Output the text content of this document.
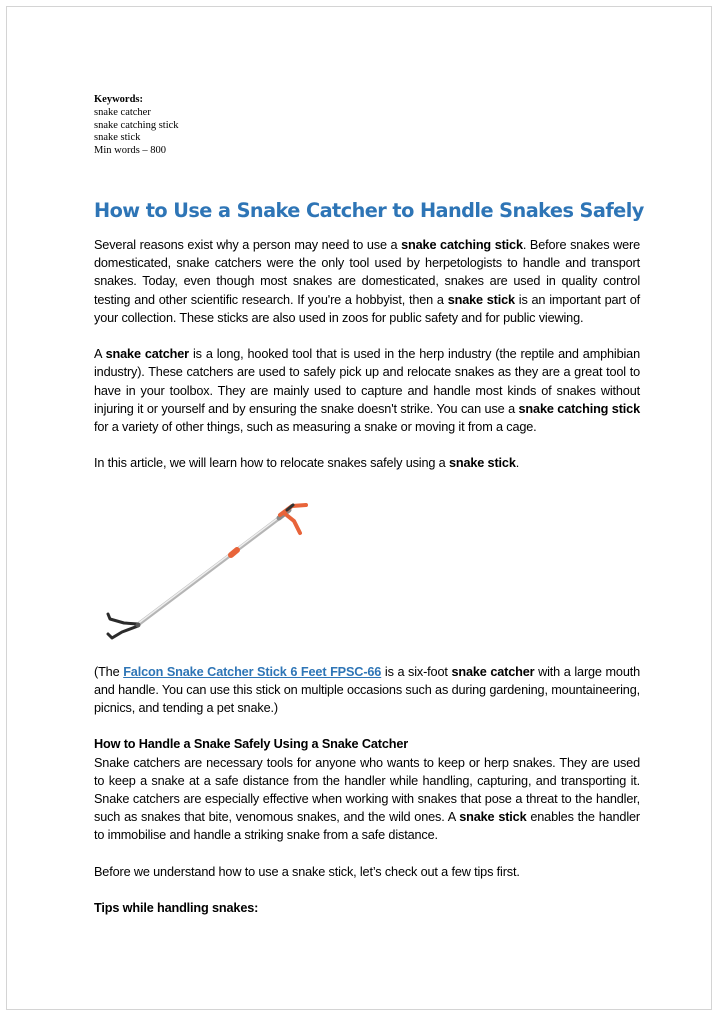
Keywords:
snake catcher
snake catching stick
snake stick
Min words – 800
How to Use a Snake Catcher to Handle Snakes Safely

Several reasons exist why a person may need to use a snake catching stick. Before snakes were domesticated, snake catchers were the only tool used by herpetologists to handle and transport snakes. Today, even though most snakes are domesticated, snakes are used in quality control testing and other scientific research. If you're a hobbyist, then a snake stick is an important part of your collection. These sticks are also used in zoos for public safety and for public viewing.

A snake catcher is a long, hooked tool that is used in the herp industry (the reptile and amphibian industry). These catchers are used to safely pick up and relocate snakes as they are a great tool to have in your toolbox. They are mainly used to capture and handle most kinds of snakes without injuring it or yourself and by ensuring the snake doesn't strike. You can use a snake catching stick for a variety of other things, such as measuring a snake or moving it from a cage.

In this article, we will learn how to relocate snakes safely using a snake stick.

(The Falcon Snake Catcher Stick 6 Feet FPSC-66 is a six-foot snake catcher with a large mouth and handle. You can use this stick on multiple occasions such as during gardening, mountaineering, picnics, and tending a pet snake.)

How to Handle a Snake Safely Using a Snake Catcher

Snake catchers are necessary tools for anyone who wants to keep or herp snakes. They are used to keep a snake at a safe distance from the handler while handling, capturing, and transporting it. Snake catchers are especially effective when working with snakes that pose a threat to the handler, such as snakes that bite, venomous snakes, and the wild ones. A snake stick enables the handler to immobilise and handle a striking snake from a safe distance.

Before we understand how to use a snake stick, let’s check out a few tips first.

Tips while handling snakes:
